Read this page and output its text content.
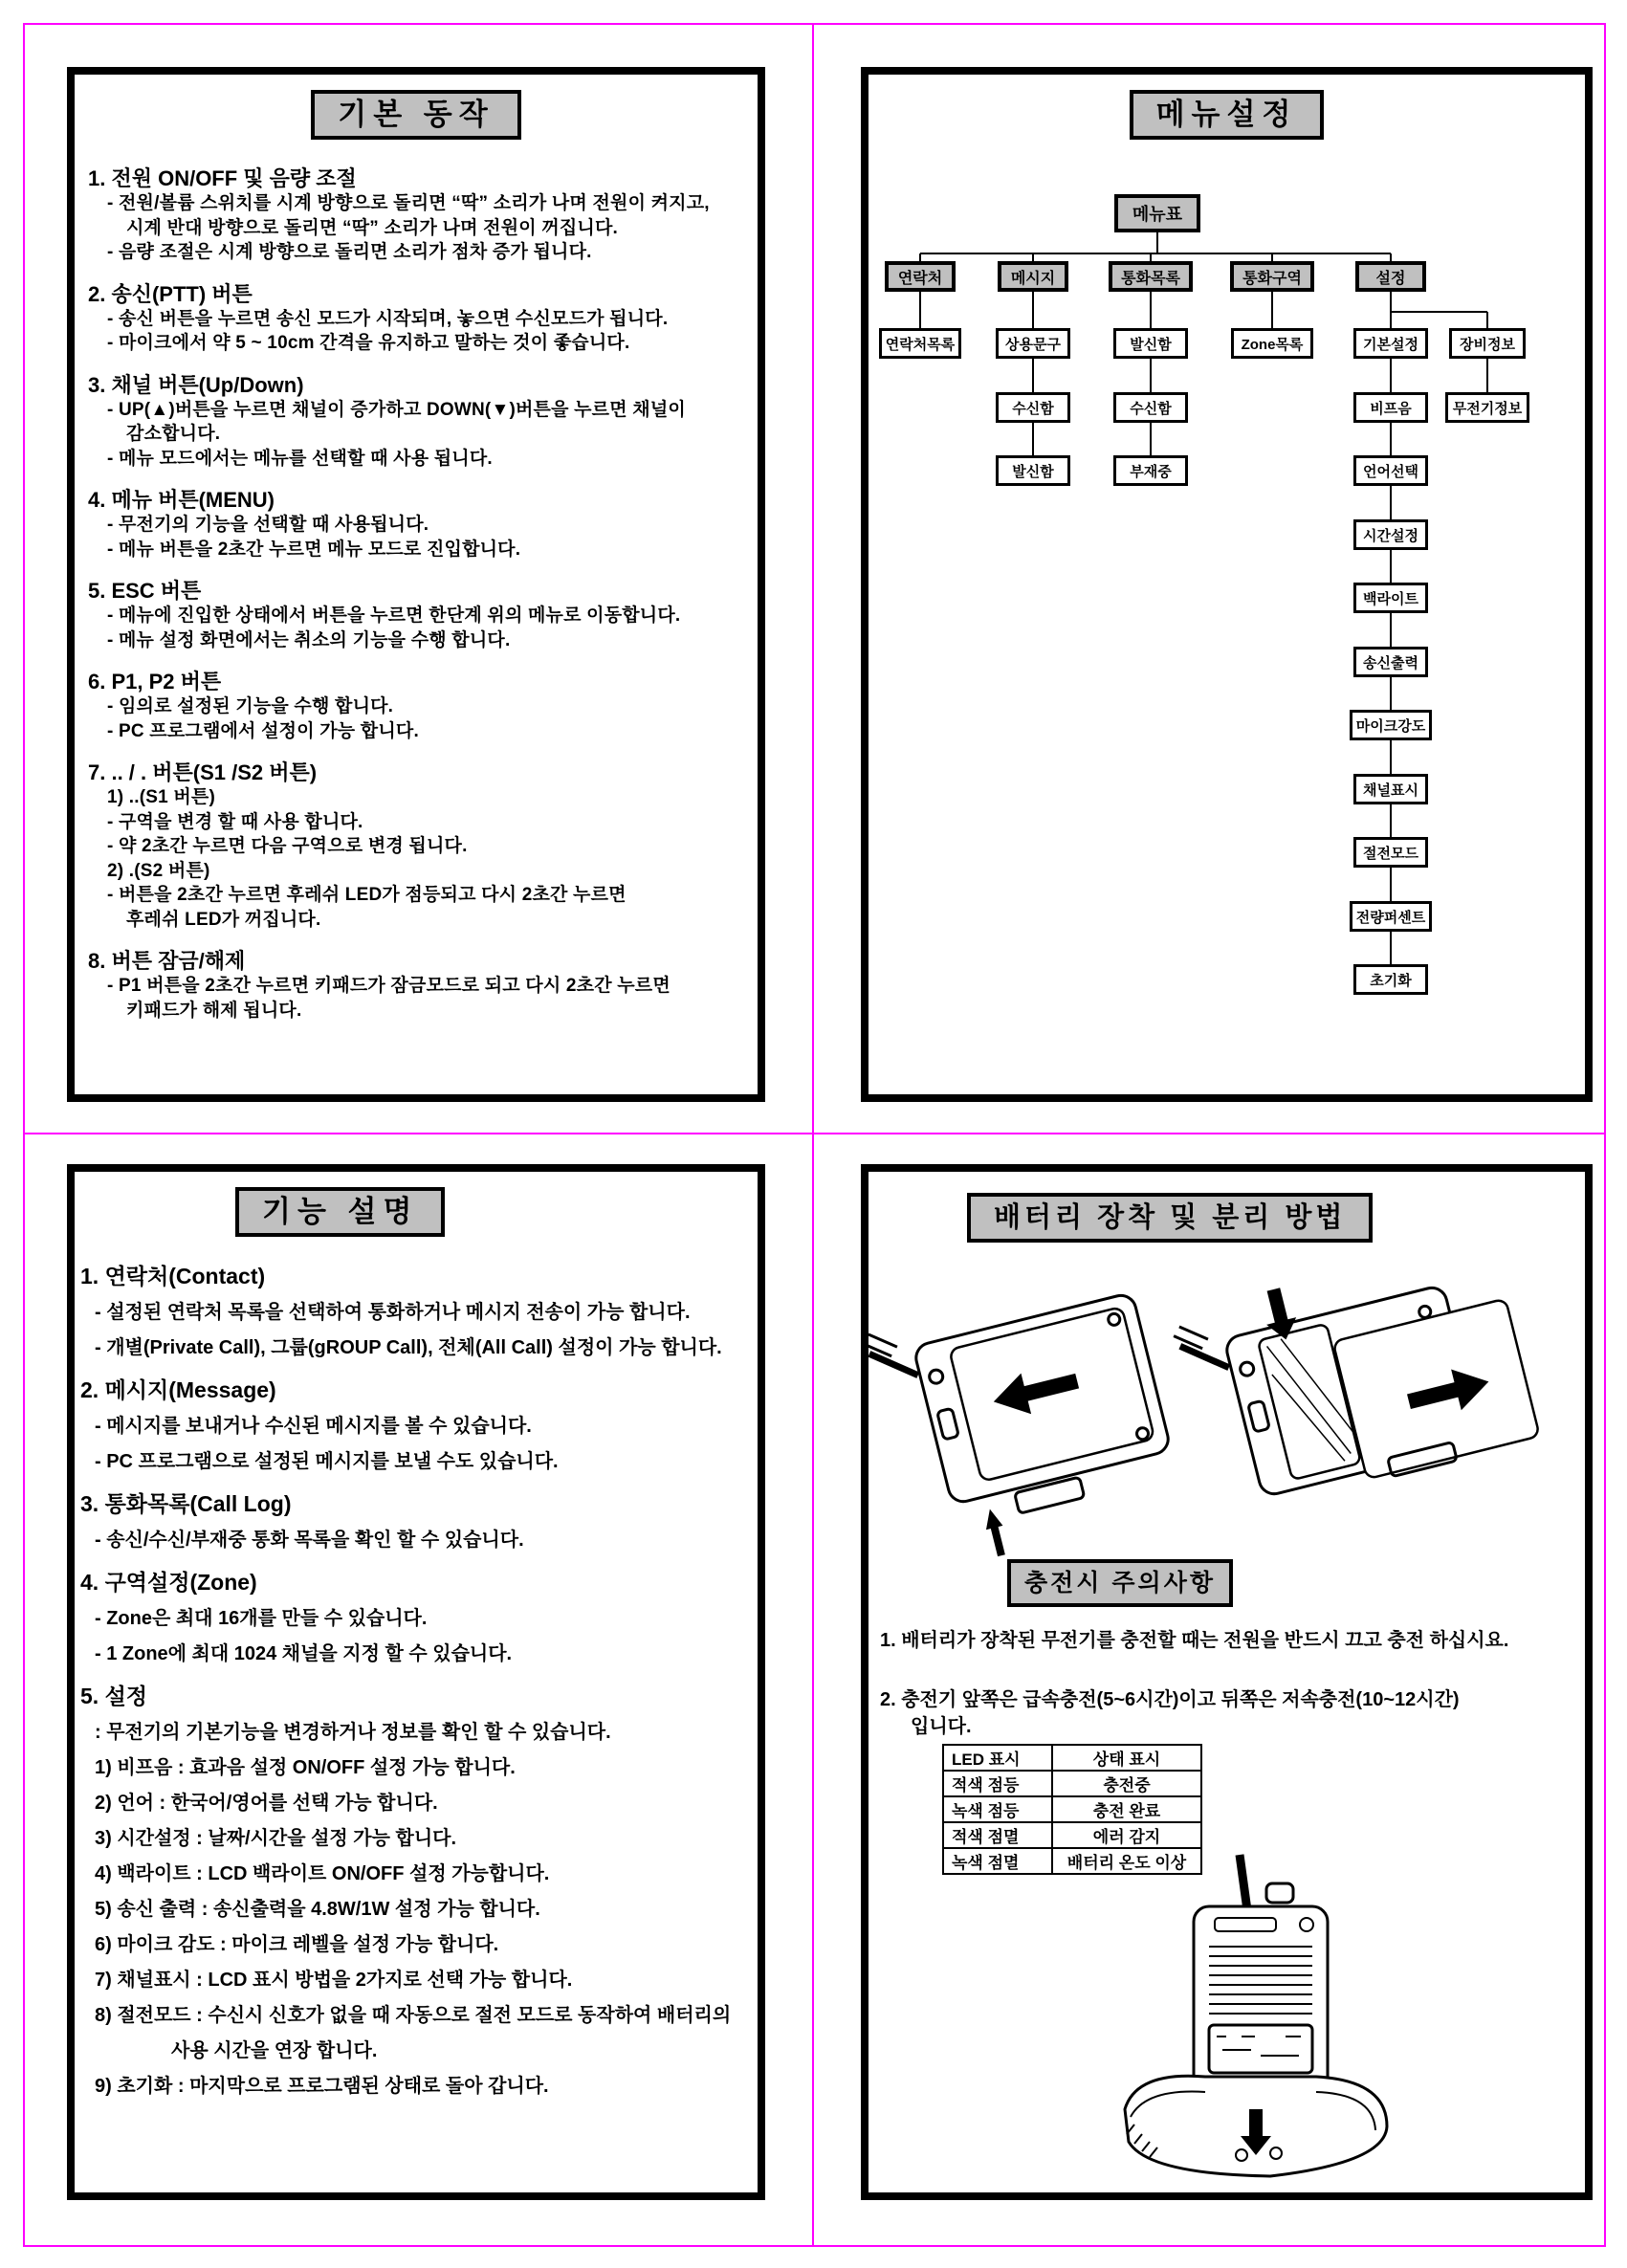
기본 동작
1. 전원 ON/OFF 및 음량 조절
- 전원/볼륨 스위치를 시계 방향으로 돌리면 “딱” 소리가 나며 전원이 켜지고,
시계 반대 방향으로 돌리면 “딱” 소리가 나며 전원이 꺼집니다.
- 음량 조절은 시계 방향으로 돌리면 소리가 점차 증가 됩니다.
2. 송신(PTT) 버튼
- 송신 버튼을 누르면 송신 모드가 시작되며, 놓으면 수신모드가 됩니다.
- 마이크에서 약 5 ~ 10cm 간격을 유지하고 말하는 것이 좋습니다.
3. 채널 버튼(Up/Down)
- UP(▲)버튼을 누르면 채널이 증가하고 DOWN(▼)버튼을 누르면 채널이
감소합니다.
- 메뉴 모드에서는 메뉴를 선택할 때 사용 됩니다.
4. 메뉴 버튼(MENU)
- 무전기의 기능을 선택할 때 사용됩니다.
- 메뉴 버튼을 2초간 누르면 메뉴 모드로 진입합니다.
5. ESC 버튼
- 메뉴에 진입한 상태에서 버튼을 누르면 한단계 위의 메뉴로 이동합니다.
- 메뉴 설정 화면에서는 취소의 기능을 수행 합니다.
6. P1, P2 버튼
- 임의로 설정된 기능을 수행 합니다.
- PC 프로그램에서 설정이 가능 합니다.
7. .. / . 버튼(S1 /S2 버튼)
1) ..(S1 버튼)
- 구역을 변경 할 때 사용 합니다.
- 약 2초간 누르면 다음 구역으로 변경 됩니다.
2) .(S2 버튼)
- 버튼을 2초간 누르면 후레쉬 LED가 점등되고 다시 2초간 누르면
후레쉬 LED가 꺼집니다.
8. 버튼 잠금/해제
- P1 버튼을 2초간 누르면 키패드가 잠금모드로 되고 다시 2초간 누르면
키패드가 해제 됩니다.
메뉴설정
메뉴표
연락처
연락처목록
메시지
상용문구
수신함
발신함
통화목록
발신함
수신함
부재중
통화구역
Zone목록
설정
기본설정
비프음
언어선택
시간설정
백라이트
송신출력
마이크강도
채널표시
절전모드
전량퍼센트
초기화
장비정보
무전기정보
기능 설명
1. 연락처(Contact)
- 설정된 연락처 목록을 선택하여 통화하거나 메시지 전송이 가능 합니다.
- 개별(Private Call), 그룹(gROUP Call), 전체(All Call) 설정이 가능 합니다.
2. 메시지(Message)
- 메시지를 보내거나 수신된 메시지를 볼 수 있습니다.
- PC 프로그램으로 설정된 메시지를 보낼 수도 있습니다.
3. 통화목록(Call Log)
- 송신/수신/부재중 통화 목록을 확인 할 수 있습니다.
4. 구역설정(Zone)
- Zone은 최대 16개를 만들 수 있습니다.
- 1 Zone에 최대 1024 채널을 지정 할 수 있습니다.
5. 설정
: 무전기의 기본기능을 변경하거나 정보를 확인 할 수 있습니다.
1) 비프음 : 효과음 설정 ON/OFF 설정 가능 합니다.
2) 언어 : 한국어/영어를 선택 가능 합니다.
3) 시간설정 : 날짜/시간을 설정 가능 합니다.
4) 백라이트 : LCD 백라이트 ON/OFF 설정 가능합니다.
5) 송신 출력 : 송신출력을 4.8W/1W 설정 가능 합니다.
6) 마이크 감도 : 마이크 레벨을 설정 가능 합니다.
7) 채널표시 : LCD 표시 방법을 2가지로 선택 가능 합니다.
8) 절전모드 : 수신시 신호가 없을 때 자동으로 절전 모드로 동작하여 배터리의
사용 시간을 연장 합니다.
9) 초기화 : 마지막으로 프로그램된 상태로 돌아 갑니다.
배터리 장착 및 분리 방법
충전시 주의사항
1. 배터리가 장착된 무전기를 충전할 때는 전원을 반드시 끄고 충전 하십시요.
2. 충전기 앞쪽은 급속충전(5~6시간)이고 뒤쪽은 저속충전(10~12시간)
입니다.
LED 표시	상태 표시
적색 점등	충전중
녹색 점등	충전 완료
적색 점멸	에러 감지
녹색 점멸	배터리 온도 이상
